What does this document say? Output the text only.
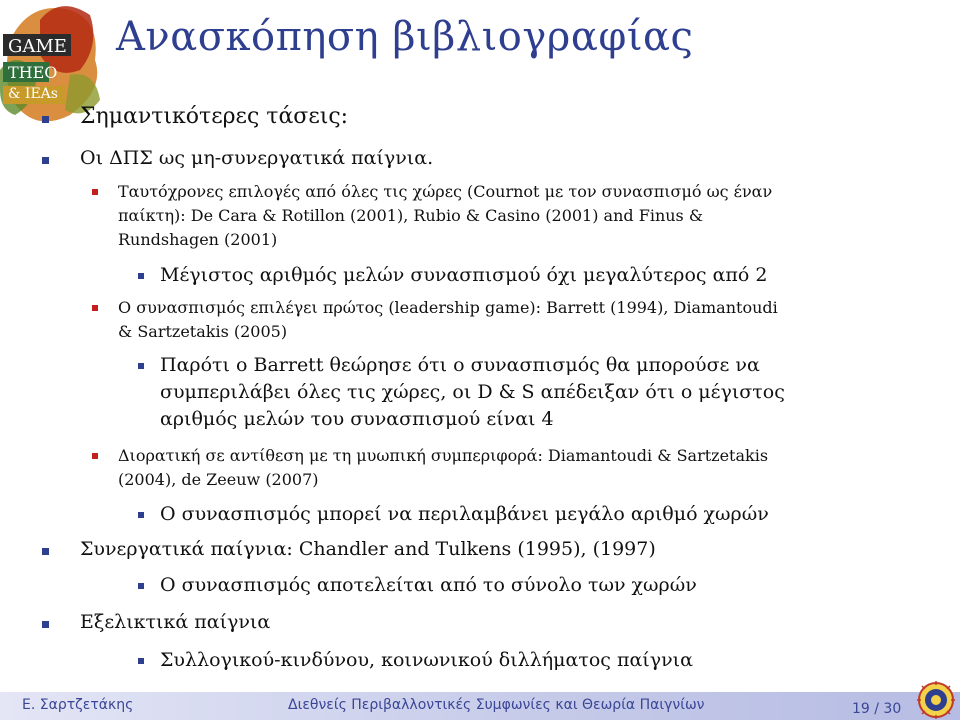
GAME
THEO
& IEAs
Ανασκόπηση βιβλιογραφίας
Σημαντικότερες τάσεις:
Οι ΔΠΣ ως μη-συνεργατικά παίγνια.
Ταυτόχρονες επιλογές από όλες τις χώρες (Cournot με τον συνασπισμό ως έναν
παίκτη): De Cara & Rotillon (2001), Rubio & Casino (2001) and Finus &
Rundshagen (2001)
Μέγιστος αριθμός μελών συνασπισμού όχι μεγαλύτερος από 2
Ο συνασπισμός επιλέγει πρώτος (leadership game): Barrett (1994), Diamantoudi
& Sartzetakis (2005)
Παρότι ο Barrett θεώρησε ότι ο συνασπισμός θα μπορούσε να
συμπεριλάβει όλες τις χώρες, οι D & S απέδειξαν ότι ο μέγιστος
αριθμός μελών του συνασπισμού είναι 4
Διορατική σε αντίθεση με τη μυωπική συμπεριφορά: Diamantoudi & Sartzetakis
(2004), de Zeeuw (2007)
Ο συνασπισμός μπορεί να περιλαμβάνει μεγάλο αριθμό χωρών
Συνεργατικά παίγνια: Chandler and Tulkens (1995), (1997)
Ο συνασπισμός αποτελείται από το σύνολο των χωρών
Εξελικτικά παίγνια
Συλλογικού-κινδύνου, κοινωνικού διλλήματος παίγνια
Ε. Σαρτζετάκης	Διεθνείς Περιβαλλοντικές Συμφωνίες και Θεωρία Παιγνίων	19 / 30
